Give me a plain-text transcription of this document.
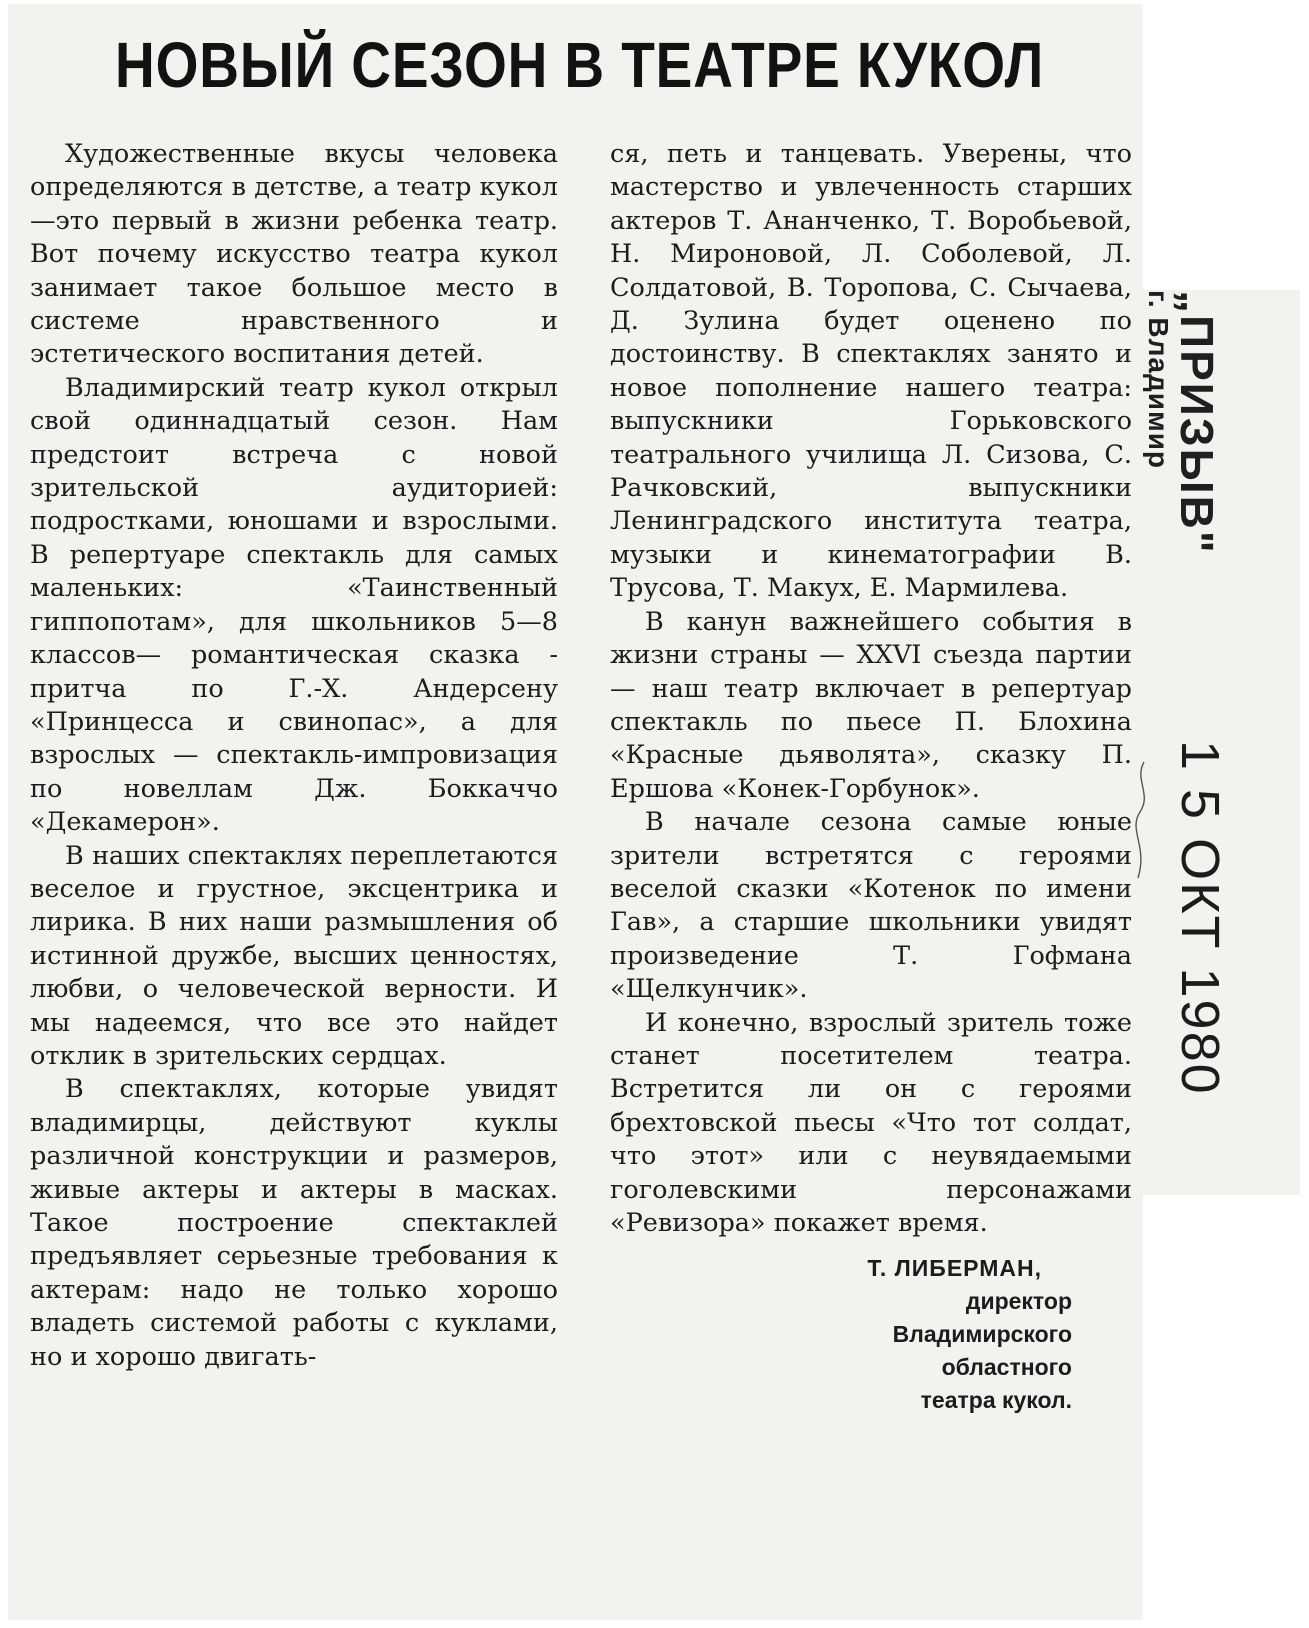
НОВЫЙ СЕЗОН В ТЕАТРЕ КУКОЛ

Художественные вкусы человека определяются в детстве, а театр кукол—это первый в жизни ребенка театр. Вот почему искусство театра кукол занимает такое большое место в системе нравственного и эстетического воспитания детей.

Владимирский театр кукол открыл свой одиннадцатый сезон. Нам предстоит встреча с новой зрительской аудиторией: подростками, юношами и взрослыми. В репертуаре спектакль для самых маленьких: «Таинственный гиппопотам», для школьников 5—8 классов— романтическая сказка - притча по Г.-Х. Андерсену «Принцесса и свинопас», а для взрослых — спектакль-импровизация по новеллам Дж. Боккаччо «Декамерон».

В наших спектаклях переплетаются веселое и грустное, эксцентрика и лирика. В них наши размышления об истинной дружбе, высших ценностях, любви, о человеческой верности. И мы надеемся, что все это найдет отклик в зрительских сердцах.

В спектаклях, которые увидят владимирцы, действуют куклы различной конструкции и размеров, живые актеры и актеры в масках. Такое построение спектаклей предъявляет серьезные требования к актерам: надо не только хорошо владеть системой работы с куклами, но и хорошо двигать-

ся, петь и танцевать. Уверены, что мастерство и увлеченность старших актеров Т. Ананченко, Т. Воробьевой, Н. Мироновой, Л. Соболевой, Л. Солдатовой, В. Торопова, С. Сычаева, Д. Зулина будет оценено по достоинству. В спектаклях занято и новое пополнение нашего театра: выпускники Горьковского театрального училища Л. Сизова, С. Рачковский, выпускники Ленинградского института театра, музыки и кинематографии В. Трусова, Т. Макух, Е. Мармилева.

В канун важнейшего события в жизни страны — XXVI съезда партии — наш театр включает в репертуар спектакль по пьесе П. Блохина «Красные дьяволята», сказку П. Ершова «Конек-Горбунок».

В начале сезона самые юные зрители встретятся с героями веселой сказки «Котенок по имени Гав», а старшие школьники увидят произведение Т. Гофмана «Щелкунчик».

И конечно, взрослый зритель тоже станет посетителем театра. Встретится ли он с героями брехтовской пьесы «Что тот солдат, что этот» или с неувядаемыми гоголевскими персонажами «Ревизора» покажет время.

Т. ЛИБЕРМАН,
директор
Владимирского
областного
театра кукол.
„ПРИЗЫВ"
г. Владимир
1 5 ОКТ 1980
